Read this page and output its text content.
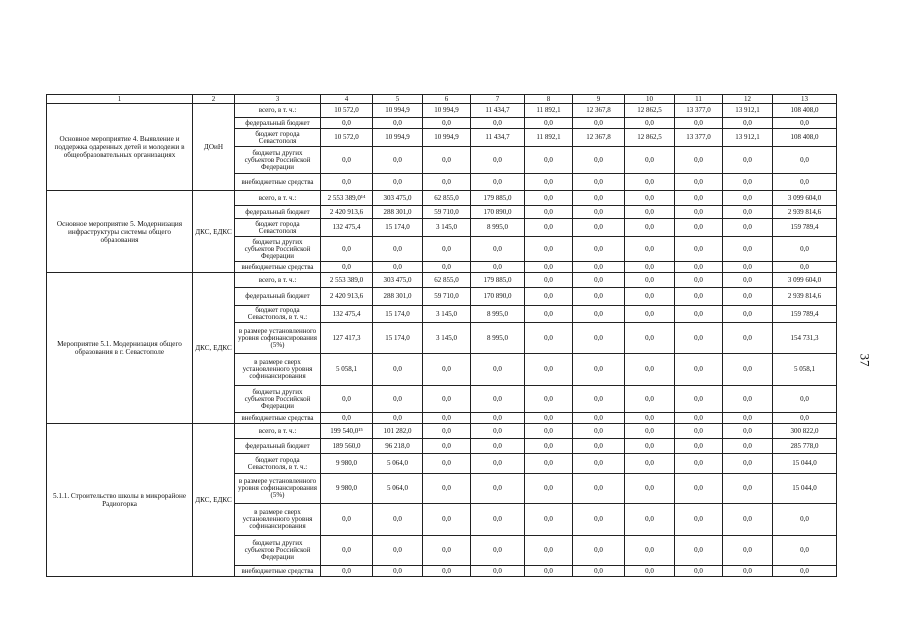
1	2	3	4	5	6	7	8	9	10	11	12	13
Основное мероприятие 4. Выявление и поддержка одаренных детей и молодежи в общеобразовательных организациях	ДОиН	всего, в т. ч.:	10 572,0	10 994,9	10 994,9	11 434,7	11 892,1	12 367,8	12 862,5	13 377,0	13 912,1	108 408,0
		федеральный бюджет	0,0	0,0	0,0	0,0	0,0	0,0	0,0	0,0	0,0	0,0
		бюджет города Севастополя	10 572,0	10 994,9	10 994,9	11 434,7	11 892,1	12 367,8	12 862,5	13 377,0	13 912,1	108 408,0
		бюджеты других субъектов Российской Федерации	0,0	0,0	0,0	0,0	0,0	0,0	0,0	0,0	0,0	0,0
		внебюджетные средства	0,0	0,0	0,0	0,0	0,0	0,0	0,0	0,0	0,0	0,0
Основное мероприятие 5. Модернизация инфраструктуры системы общего образования	ДКС, ЕДКС	всего, в т. ч.:	2 553 389,0¹⁴	303 475,0	62 855,0	179 885,0	0,0	0,0	0,0	0,0	0,0	3 099 604,0
		федеральный бюджет	2 420 913,6	288 301,0	59 710,0	170 890,0	0,0	0,0	0,0	0,0	0,0	2 939 814,6
		бюджет города Севастополя	132 475,4	15 174,0	3 145,0	8 995,0	0,0	0,0	0,0	0,0	0,0	159 789,4
		бюджеты других субъектов Российской Федерации	0,0	0,0	0,0	0,0	0,0	0,0	0,0	0,0	0,0	0,0
		внебюджетные средства	0,0	0,0	0,0	0,0	0,0	0,0	0,0	0,0	0,0	0,0
Мероприятие 5.1. Модернизация общего образования в г. Севастополе	ДКС, ЕДКС	всего, в т. ч.:	2 553 389,0	303 475,0	62 855,0	179 885,0	0,0	0,0	0,0	0,0	0,0	3 099 604,0
		федеральный бюджет	2 420 913,6	288 301,0	59 710,0	170 890,0	0,0	0,0	0,0	0,0	0,0	2 939 814,6
		бюджет города Севастополя, в т. ч.:	132 475,4	15 174,0	3 145,0	8 995,0	0,0	0,0	0,0	0,0	0,0	159 789,4
		в размере установленного уровня софинансирования (5%)	127 417,3	15 174,0	3 145,0	8 995,0	0,0	0,0	0,0	0,0	0,0	154 731,3
		в размере сверх установленного уровня софинансирования	5 058,1	0,0	0,0	0,0	0,0	0,0	0,0	0,0	0,0	5 058,1
		бюджеты других субъектов Российской Федерации	0,0	0,0	0,0	0,0	0,0	0,0	0,0	0,0	0,0	0,0
		внебюджетные средства	0,0	0,0	0,0	0,0	0,0	0,0	0,0	0,0	0,0	0,0
5.1.1. Строительство школы в микрорайоне Радиогорка	ДКС, ЕДКС	всего, в т. ч.:	199 540,0¹⁵	101 282,0	0,0	0,0	0,0	0,0	0,0	0,0	0,0	300 822,0
		федеральный бюджет	189 560,0	96 218,0	0,0	0,0	0,0	0,0	0,0	0,0	0,0	285 778,0
		бюджет города Севастополя, в т. ч.:	9 980,0	5 064,0	0,0	0,0	0,0	0,0	0,0	0,0	0,0	15 044,0
		в размере установленного уровня софинансирования (5%)	9 980,0	5 064,0	0,0	0,0	0,0	0,0	0,0	0,0	0,0	15 044,0
		в размере сверх установленного уровня софинансирования	0,0	0,0	0,0	0,0	0,0	0,0	0,0	0,0	0,0	0,0
		бюджеты других субъектов Российской Федерации	0,0	0,0	0,0	0,0	0,0	0,0	0,0	0,0	0,0	0,0
		внебюджетные средства	0,0	0,0	0,0	0,0	0,0	0,0	0,0	0,0	0,0	0,0
37
